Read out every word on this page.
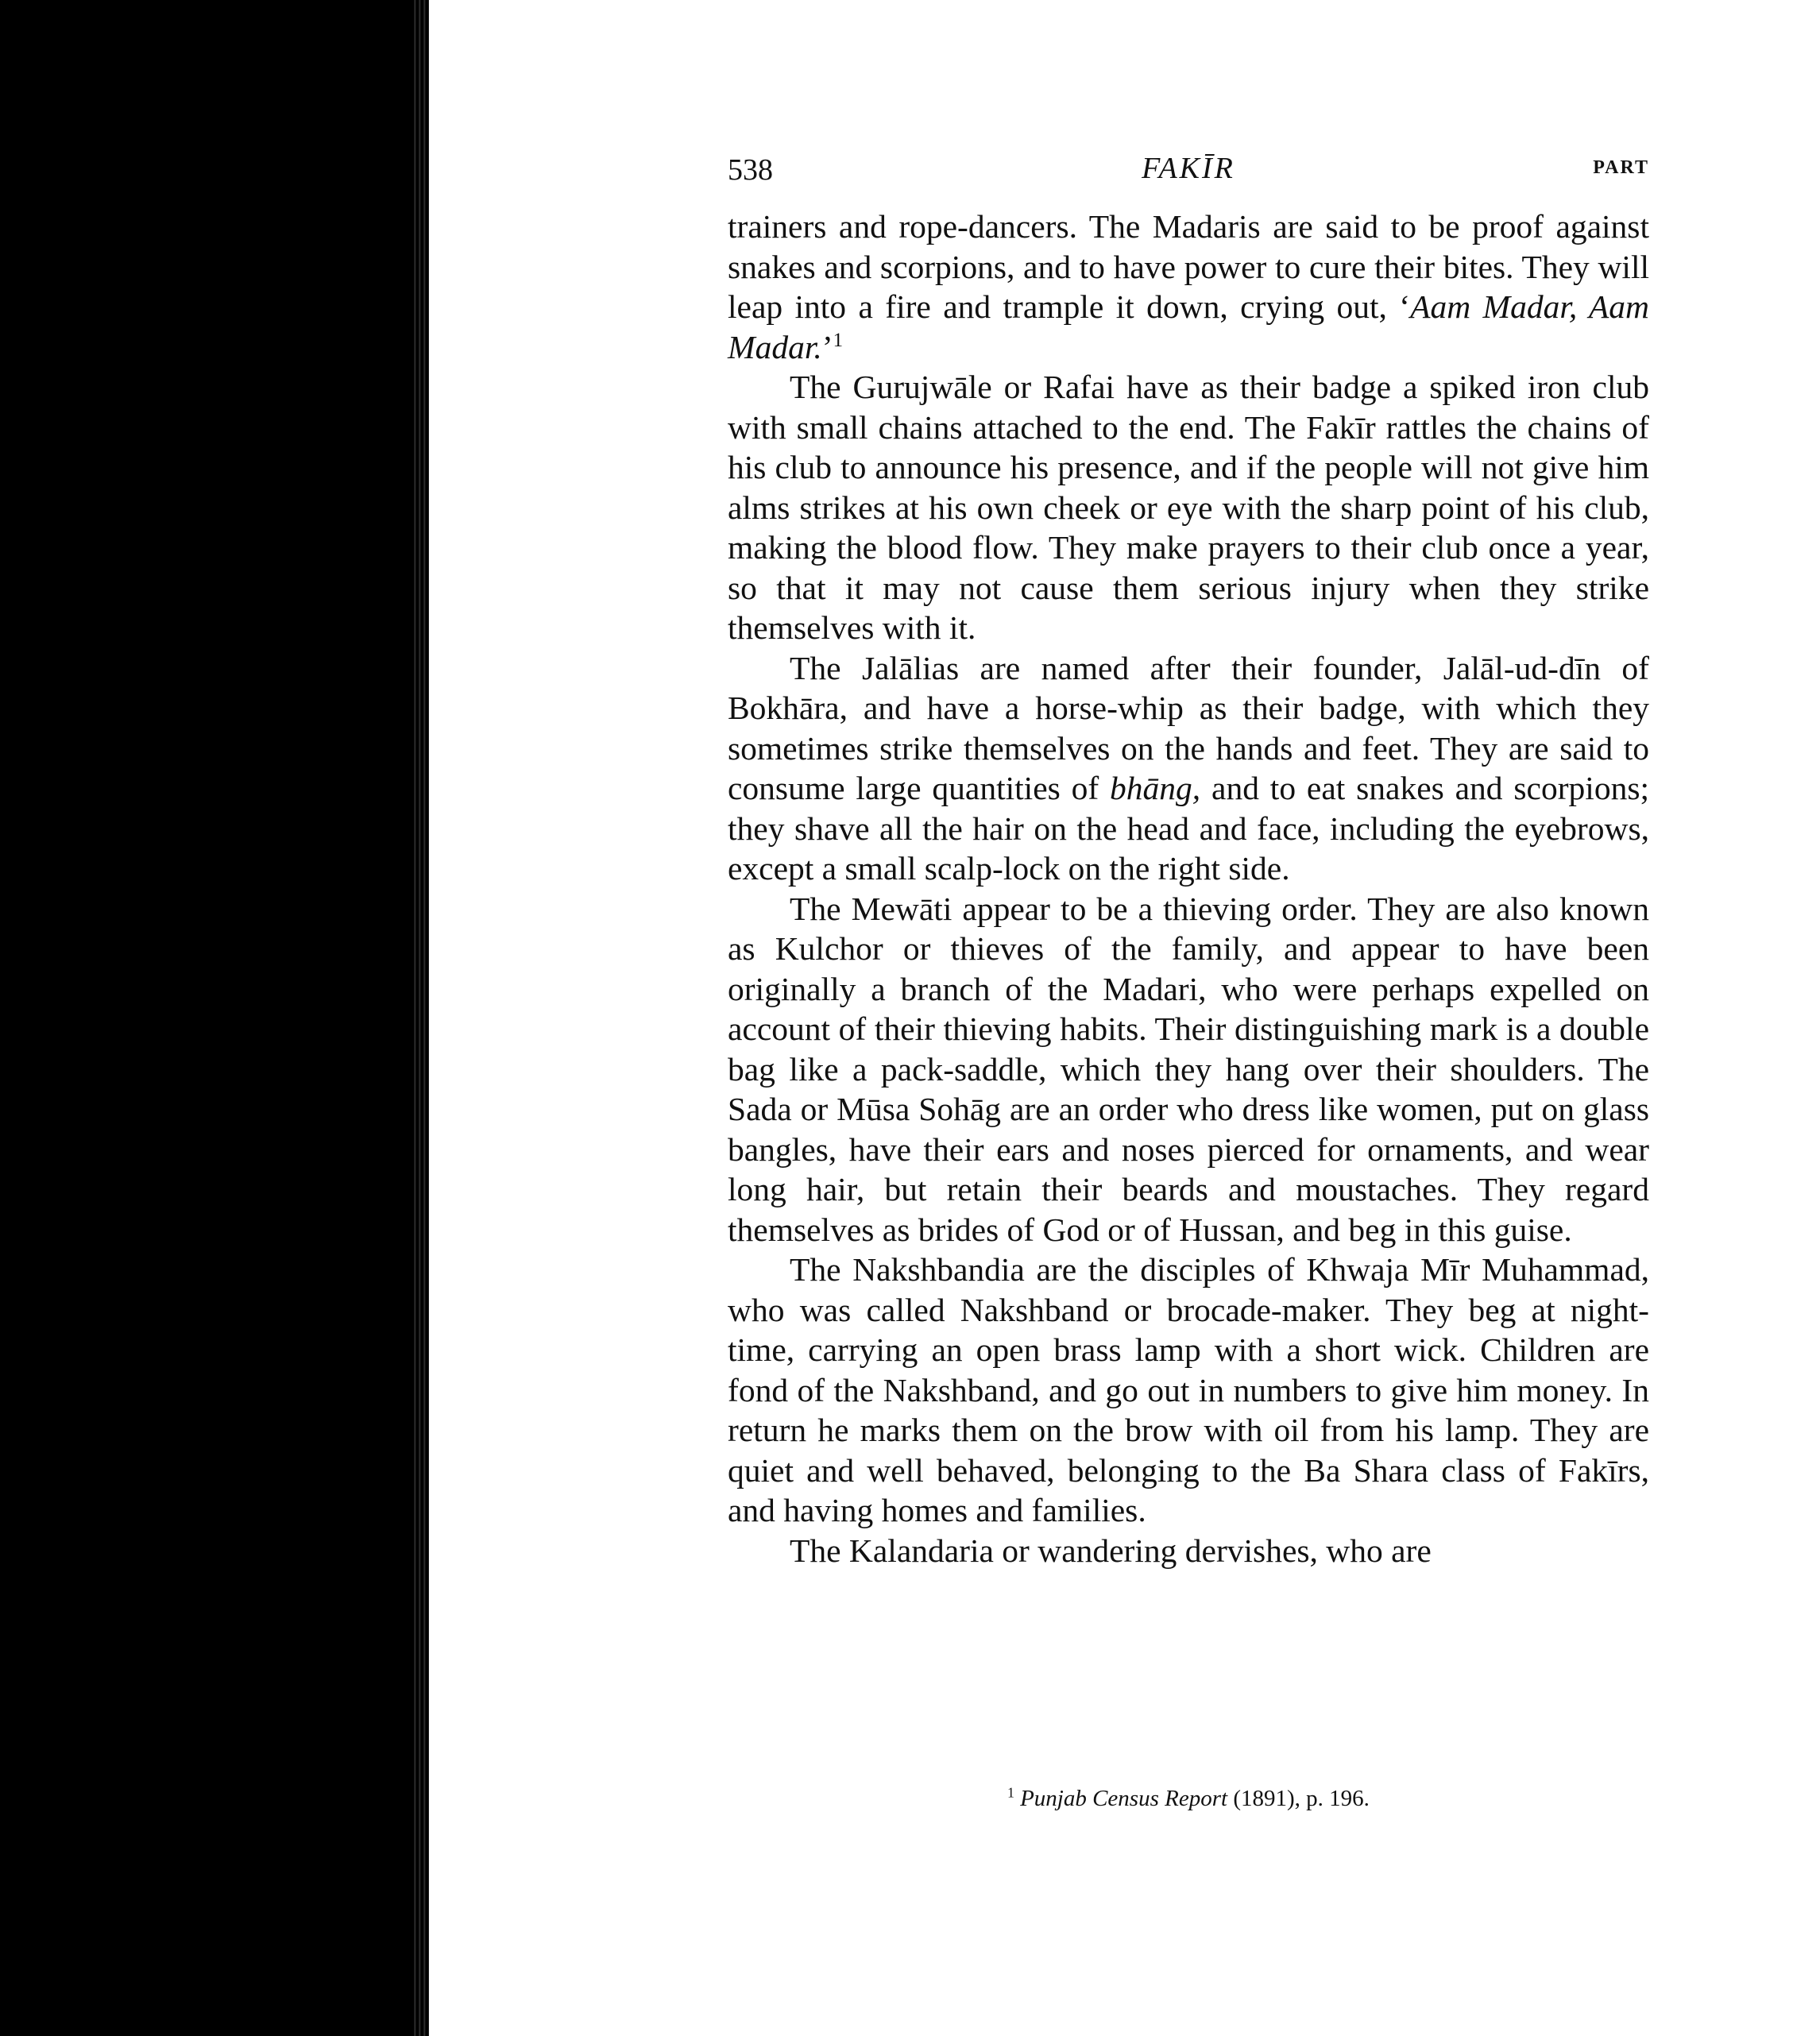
538	FAKĪR	PART

trainers and rope-dancers. The Madaris are said to be proof against snakes and scorpions, and to have power to cure their bites. They will leap into a fire and trample it down, crying out, ‘Aam Madar, Aam Madar.’$^1$

The Gurujwāle or Rafai have as their badge a spiked iron club with small chains attached to the end. The Fakīr rattles the chains of his club to announce his presence, and if the people will not give him alms strikes at his own cheek or eye with the sharp point of his club, making the blood flow. They make prayers to their club once a year, so that it may not cause them serious injury when they strike themselves with it.

The Jalālias are named after their founder, Jalāl-ud-dīn of Bokhāra, and have a horse-whip as their badge, with which they sometimes strike themselves on the hands and feet. They are said to consume large quantities of bhāng, and to eat snakes and scorpions; they shave all the hair on the head and face, including the eyebrows, except a small scalp-lock on the right side.

The Mewāti appear to be a thieving order. They are also known as Kulchor or thieves of the family, and appear to have been originally a branch of the Madari, who were perhaps expelled on account of their thieving habits. Their distinguishing mark is a double bag like a pack-saddle, which they hang over their shoulders. The Sada or Mūsa Sohāg are an order who dress like women, put on glass bangles, have their ears and noses pierced for ornaments, and wear long hair, but retain their beards and moustaches. They regard themselves as brides of God or of Hussan, and beg in this guise.

The Nakshbandia are the disciples of Khwaja Mīr Muhammad, who was called Nakshband or brocade-maker. They beg at night-time, carrying an open brass lamp with a short wick. Children are fond of the Nakshband, and go out in numbers to give him money. In return he marks them on the brow with oil from his lamp. They are quiet and well behaved, belonging to the Ba Shara class of Fakīrs, and having homes and families.

The Kalandaria or wandering dervishes, who are

$^1$ Punjab Census Report (1891), p. 196.
